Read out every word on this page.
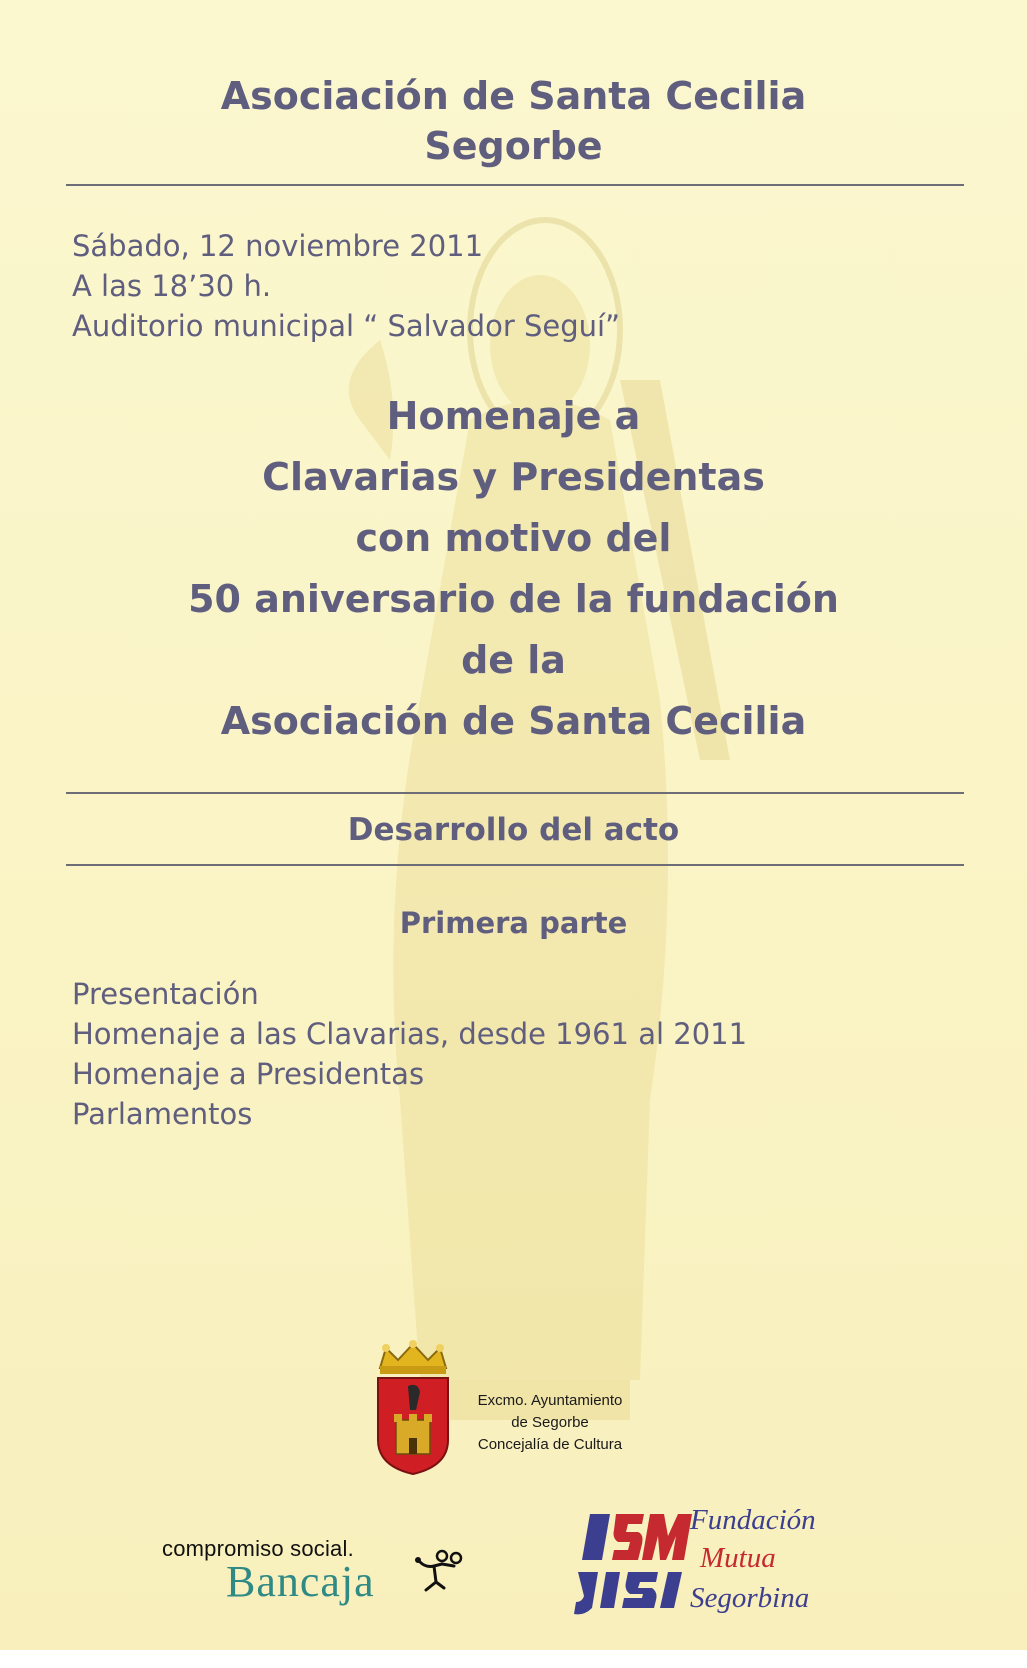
Asociación de Santa Cecilia
Segorbe
Sábado, 12 noviembre 2011
A las 18’30 h.
Auditorio municipal “ Salvador Seguí”
Homenaje a
Clavarias y Presidentas
con motivo del
50 aniversario de la fundación
de la
Asociación de Santa Cecilia
Desarrollo del acto
Primera parte
Presentación
Homenaje a las Clavarias, desde 1961 al 2011
Homenaje a Presidentas
Parlamentos
Excmo. Ayuntamiento
de Segorbe
Concejalía de Cultura
compromiso social.
Bancaja
Fundación
Mutua
Segorbina
